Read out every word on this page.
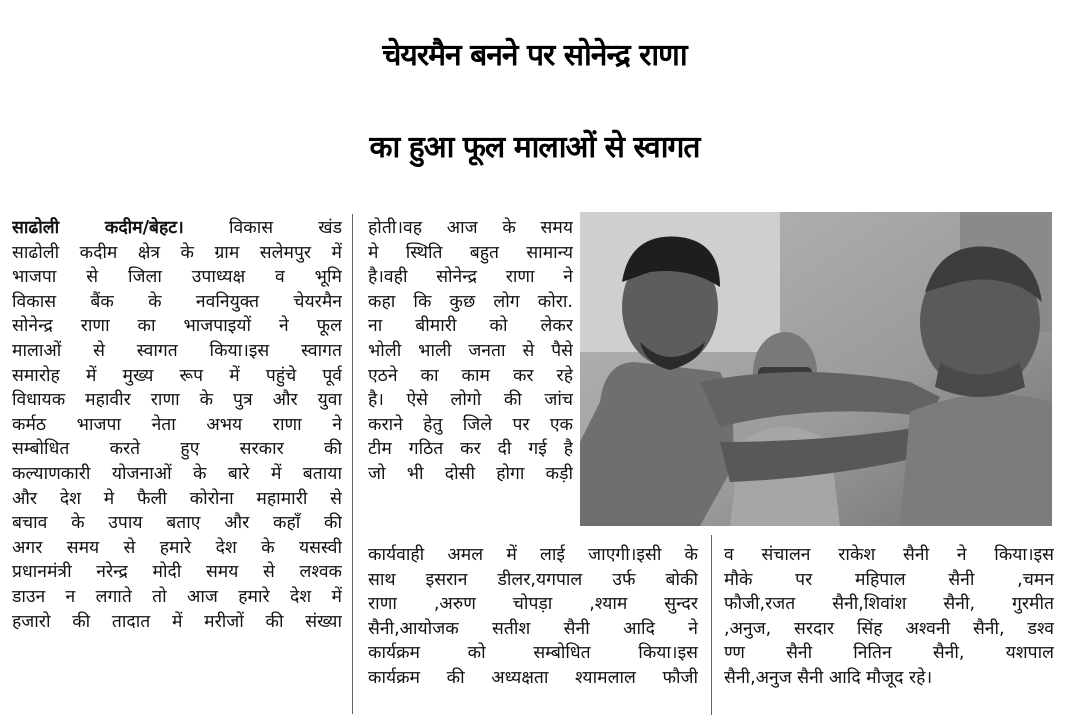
चेयरमैन बनने पर सोनेन्द्र राणा
का हुआ फूल मालाओं से स्वागत
साढोली कदीम/बेहट।	विकास खंड
साढोली कदीम क्षेत्र के ग्राम सलेमपुर में
भाजपा से जिला उपाध्यक्ष व भूमि
विकास बैंक के नवनियुक्त चेयरमैन
सोनेन्द्र राणा का भाजपाइयों ने फूल
मालाओं से स्वागत किया।इस स्वागत
समारोह में मुख्य रूप में पहुंचे पूर्व
विधायक महावीर राणा के पुत्र और युवा
कर्मठ भाजपा नेता अभय राणा ने
सम्बोधित करते हुए सरकार की
कल्याणकारी योजनाओं के बारे में बताया
और देश मे फैली कोरोना महामारी से
बचाव के उपाय बताए और कहाँ की
अगर समय से हमारे देश के यसस्वी
प्रधानमंत्री नरेन्द्र मोदी समय से लश्वक
डाउन न लगाते तो आज हमारे देश में
हजारो की तादात में मरीजों की संख्या
होती।वह आज के समय
मे स्थिति बहुत सामान्य
है।वही सोनेन्द्र राणा ने
कहा कि कुछ लोग कोरा.
ना बीमारी को लेकर
भोली भाली जनता से पैसे
एठने का काम कर रहे
है। ऐसे लोगो की जांच
कराने हेतु जिले पर एक
टीम गठित कर दी गई है
जो भी दोसी होगा कड़ी
कार्यवाही अमल में लाई जाएगी।इसी के
साथ इसरान डीलर,यगपाल उर्फ बोकी
राणा ,अरुण चोपड़ा ,श्याम सुन्दर
सैनी,आयोजक सतीश सैनी आदि ने
कार्यक्रम को सम्बोधित किया।इस
कार्यक्रम की अध्यक्षता श्यामलाल फौजी
व संचालन राकेश सैनी ने किया।इस
मौके पर महिपाल सैनी ,चमन
फौजी,रजत सैनी,शिवांश सैनी, गुरमीत
,अनुज, सरदार सिंह अश्वनी सैनी, डश्व
ण्ण सैनी नितिन सैनी, यशपाल
सैनी,अनुज सैनी आदि मौजूद रहे।
